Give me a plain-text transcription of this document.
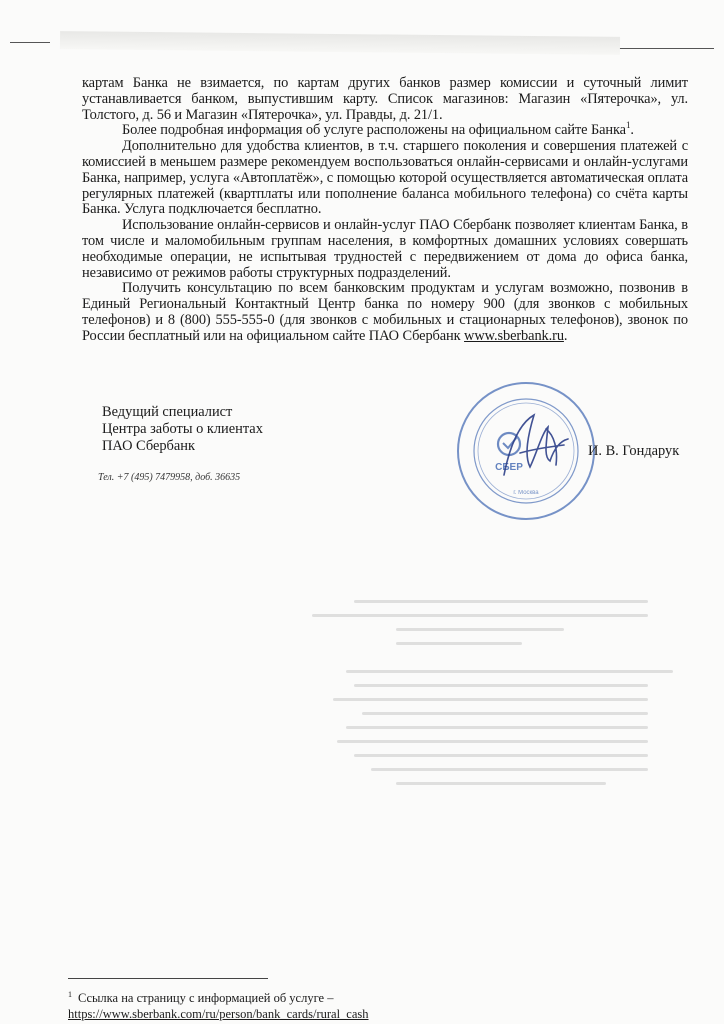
картам Банка не взимается, по картам других банков размер комиссии и суточный лимит устанавливается банком, выпустившим карту. Список магазинов: Магазин «Пятерочка», ул. Толстого, д. 56 и Магазин «Пятерочка», ул. Правды, д. 21/1.

Более подробная информация об услуге расположены на официальном сайте Банка$^1$.

Дополнительно для удобства клиентов, в т.ч. старшего поколения и совершения платежей с комиссией в меньшем размере рекомендуем воспользоваться онлайн-сервисами и онлайн-услугами Банка, например, услуга «Автоплатёж», с помощью которой осуществляется автоматическая оплата регулярных платежей (квартплаты или пополнение баланса мобильного телефона) со счёта карты Банка. Услуга подключается бесплатно.

Использование онлайн-сервисов и онлайн-услуг ПАО Сбербанк позволяет клиентам Банка, в том числе и маломобильным группам населения, в комфортных домашних условиях совершать необходимые операции, не испытывая трудностей с передвижением от дома до офиса банка, независимо от режимов работы структурных подразделений.

Получить консультацию по всем банковским продуктам и услугам возможно, позвонив в Единый Региональный Контактный Центр банка по номеру 900 (для звонков с мобильных телефонов) и 8 (800) 555-555-0 (для звонков с мобильных и стационарных телефонов), звонок по России бесплатный или на официальном сайте ПАО Сбербанк www.sberbank.ru.

Ведущий специалист
Центра заботы о клиентах
ПАО Сбербанк
Тел. +7 (495) 7479958, доб. 36635
СБЕР
г. Москва
И. В. Гондарук
$^1$ Ссылка на страницу с информацией об услуге –
https://www.sberbank.com/ru/person/bank_cards/rural_cash
